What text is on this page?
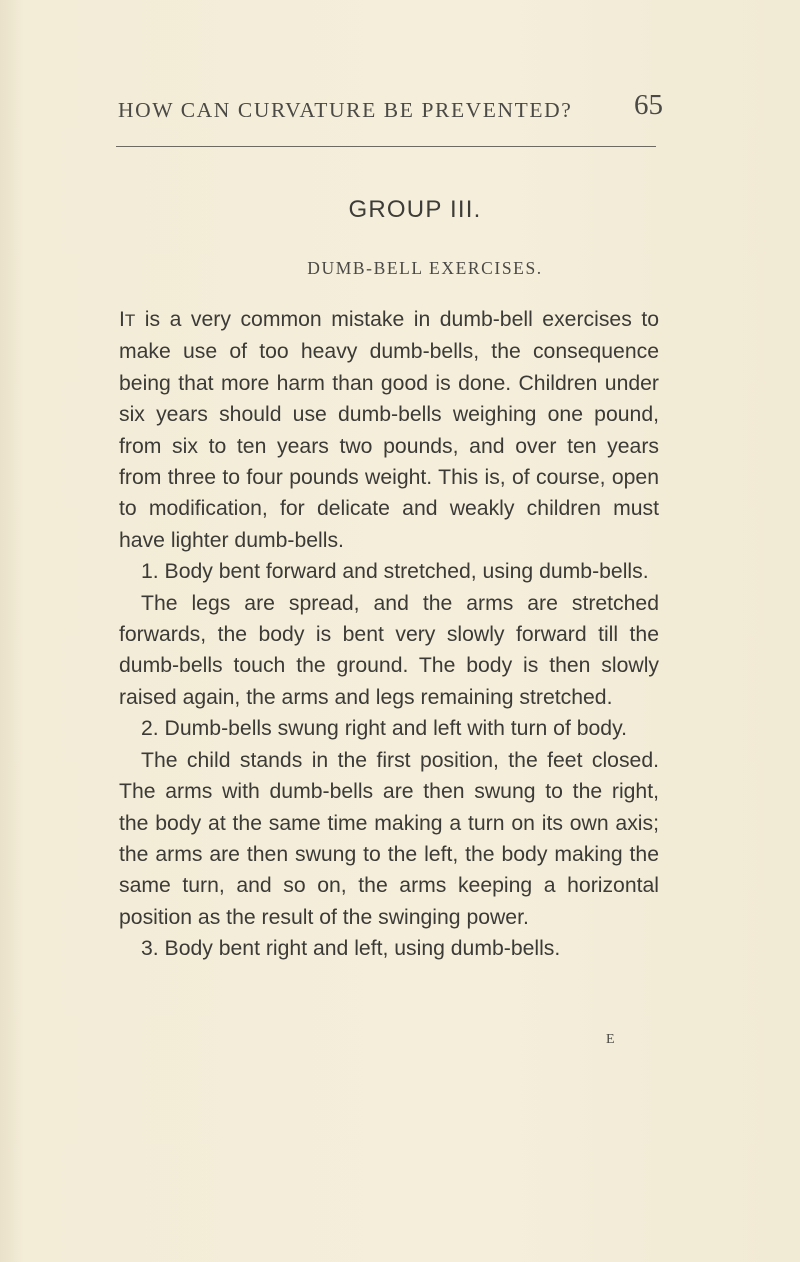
HOW CAN CURVATURE BE PREVENTED? 65
GROUP III.
DUMB-BELL EXERCISES.

IT is a very common mistake in dumb-bell exercises to make use of too heavy dumb-bells, the consequence being that more harm than good is done. Children under six years should use dumb-bells weighing one pound, from six to ten years two pounds, and over ten years from three to four pounds weight. This is, of course, open to modification, for delicate and weakly children must have lighter dumb-bells.

1. Body bent forward and stretched, using dumb-bells.

The legs are spread, and the arms are stretched forwards, the body is bent very slowly forward till the dumb-bells touch the ground. The body is then slowly raised again, the arms and legs remaining stretched.

2. Dumb-bells swung right and left with turn of body.

The child stands in the first position, the feet closed. The arms with dumb-bells are then swung to the right, the body at the same time making a turn on its own axis; the arms are then swung to the left, the body making the same turn, and so on, the arms keeping a horizontal position as the result of the swinging power.

3. Body bent right and left, using dumb-bells.

E
